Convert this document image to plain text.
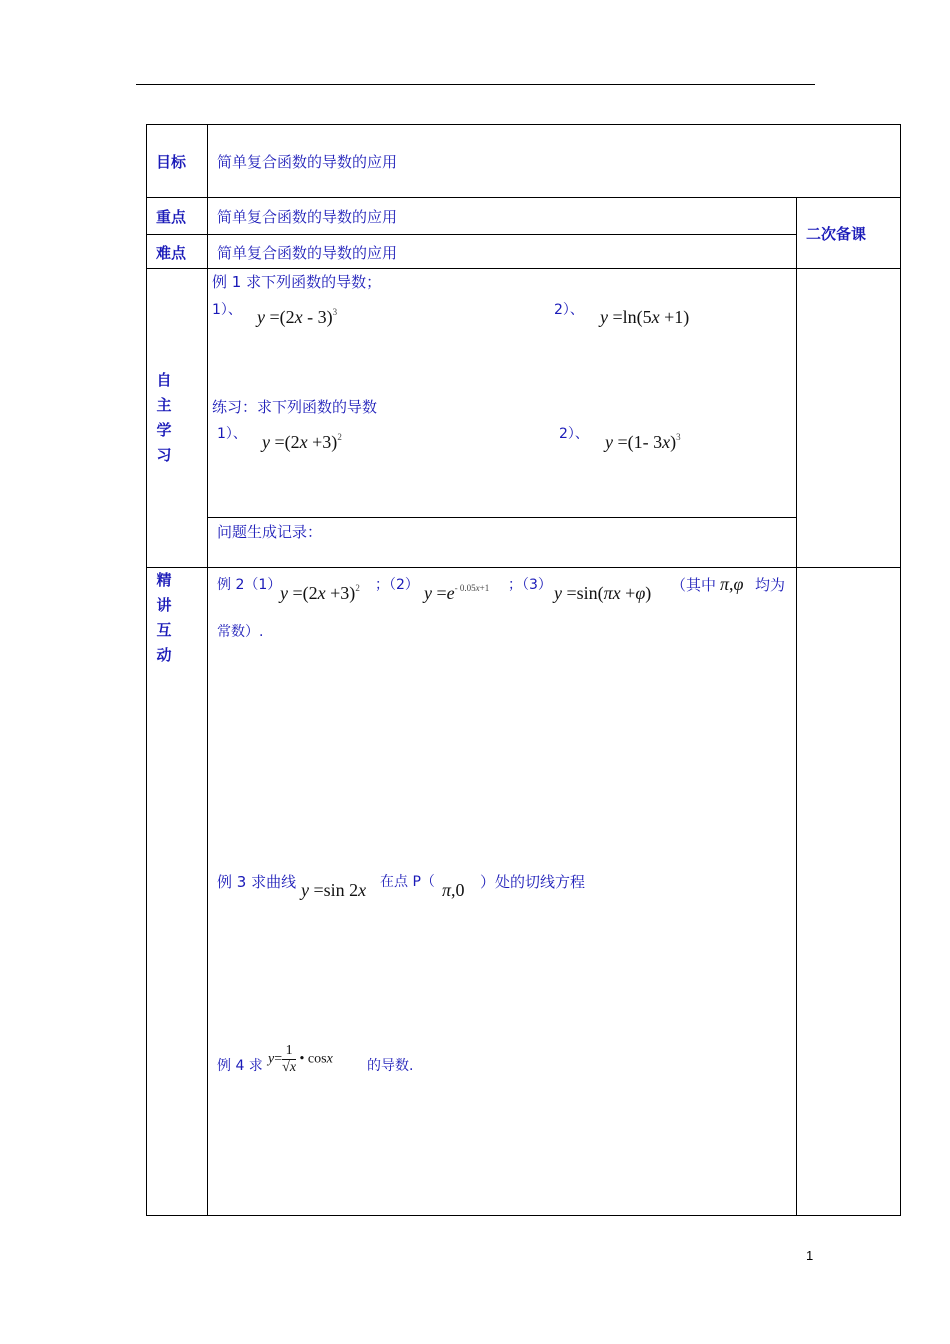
目标 简单复合函数的导数的应用
重点 简单复合函数的导数的应用
难点 简单复合函数的导数的应用
二次备课
自
主
学
习
例 1 求下列函数的导数；
1）、 y =(2x - 3)$^3$	2）、 y =ln(5x +1)
练习：求下列函数的导数
1）、 $y =(2x +3)^2$	2）、 y =(1- 3x)$^3$
问题生成记录：
精
讲
互
动
例 2（1）
$y =(2x +3)^2$ ；（2） $y =e^{- 0.05x+1}$ ；（3） y =sin(πx +φ) （其中 π,φ 均为
常数）.
例 3 求曲线 y =sin 2x 在点 P（ π,0 ）处的切线方程
例 4 求 $y= \frac{1}{√x}$ • cosx 的导数.
1
